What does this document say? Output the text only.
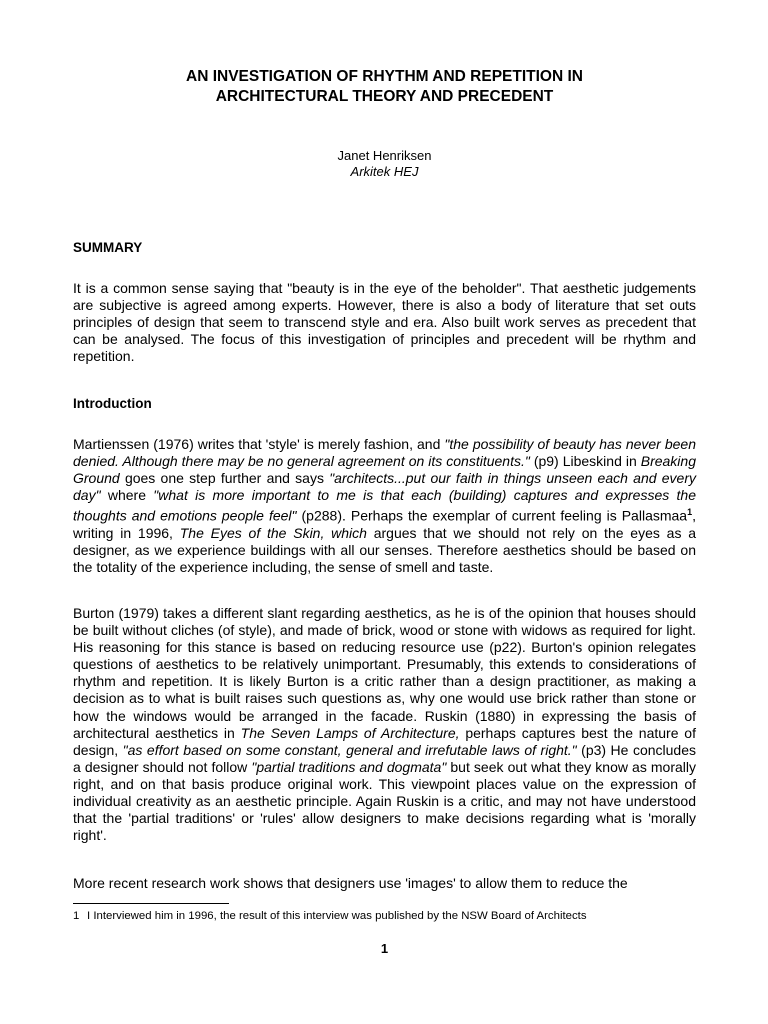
AN INVESTIGATION OF RHYTHM AND REPETITION IN
ARCHITECTURAL THEORY AND PRECEDENT
Janet Henriksen
Arkitek HEJ
SUMMARY
It is a common sense saying that "beauty is in the eye of the beholder". That aesthetic judgements are subjective is agreed among experts. However, there is also a body of literature that set outs principles of design that seem to transcend style and era. Also built work serves as precedent that can be analysed. The focus of this investigation of principles and precedent will be rhythm and repetition.
Introduction
Martienssen (1976) writes that 'style' is merely fashion, and "the possibility of beauty has never been denied. Although there may be no general agreement on its constituents." (p9) Libeskind in Breaking Ground goes one step further and says "architects...put our faith in things unseen each and every day" where "what is more important to me is that each (building) captures and expresses the thoughts and emotions people feel" (p288). Perhaps the exemplar of current feeling is Pallasmaa$^1$, writing in 1996, The Eyes of the Skin, which argues that we should not rely on the eyes as a designer, as we experience buildings with all our senses. Therefore aesthetics should be based on the totality of the experience including, the sense of smell and taste.
Burton (1979) takes a different slant regarding aesthetics, as he is of the opinion that houses should be built without cliches (of style), and made of brick, wood or stone with widows as required for light. His reasoning for this stance is based on reducing resource use (p22). Burton's opinion relegates questions of aesthetics to be relatively unimportant. Presumably, this extends to considerations of rhythm and repetition. It is likely Burton is a critic rather than a design practitioner, as making a decision as to what is built raises such questions as, why one would use brick rather than stone or how the windows would be arranged in the facade. Ruskin (1880) in expressing the basis of architectural aesthetics in The Seven Lamps of Architecture, perhaps captures best the nature of design, "as effort based on some constant, general and irrefutable laws of right." (p3) He concludes a designer should not follow "partial traditions and dogmata" but seek out what they know as morally right, and on that basis produce original work. This viewpoint places value on the expression of individual creativity as an aesthetic principle. Again Ruskin is a critic, and may not have understood that the 'partial traditions' or 'rules' allow designers to make decisions regarding what is 'morally right'.
More recent research work shows that designers use 'images' to allow them to reduce the
1 I Interviewed him in 1996, the result of this interview was published by the NSW Board of Architects
1
